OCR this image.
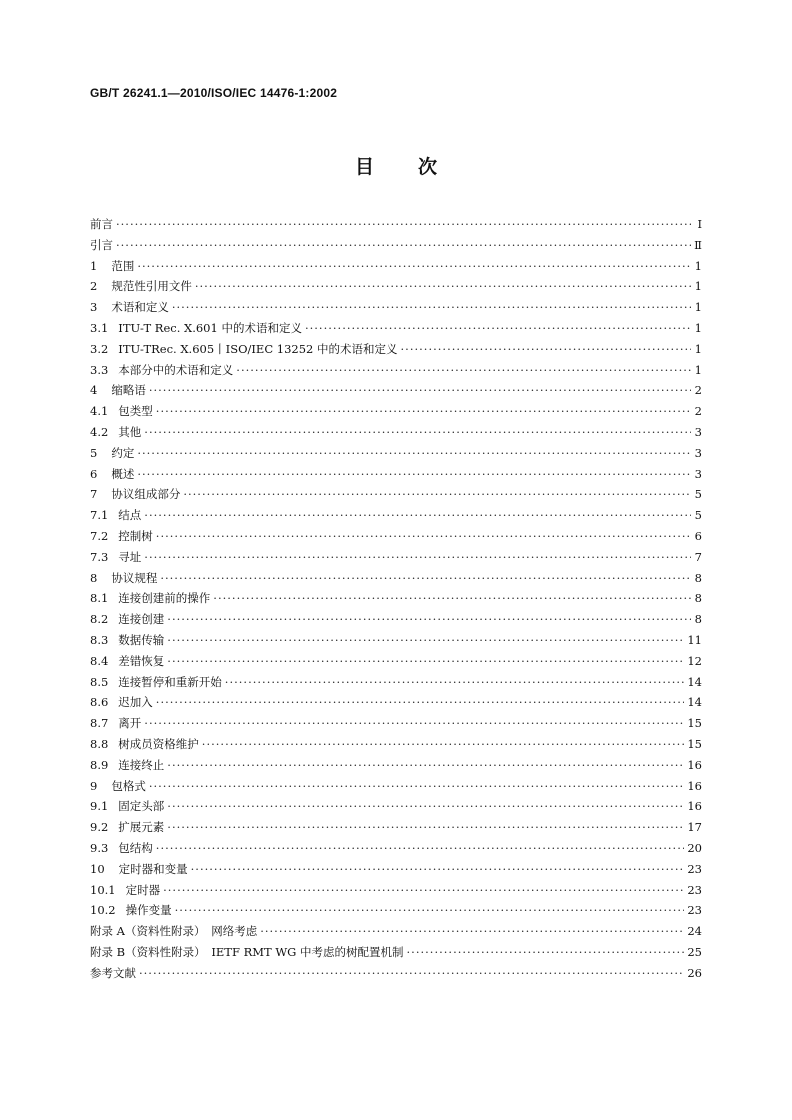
GB/T 26241.1—2010/ISO/IEC 14476-1:2002
目 次
前言 ·····	Ⅰ
引言 ·····	Ⅱ
1 范围 ·····	1
2 规范性引用文件 ·····	1
3 术语和定义 ·····	1
3.1 ITU-T Rec. X.601 中的术语和定义 ·····	1
3.2 ITU-TRec. X.605丨ISO/IEC 13252 中的术语和定义 ·····	1
3.3 本部分中的术语和定义 ·····	1
4 缩略语 ·····	2
4.1 包类型 ·····	2
4.2 其他 ·····	3
5 约定 ·····	3
6 概述 ·····	3
7 协议组成部分 ·····	5
7.1 结点 ·····	5
7.2 控制树 ·····	6
7.3 寻址 ·····	7
8 协议规程 ·····	8
8.1 连接创建前的操作 ·····	8
8.2 连接创建 ·····	8
8.3 数据传输 ·····	11
8.4 差错恢复 ·····	12
8.5 连接暂停和重新开始 ·····	14
8.6 迟加入 ·····	14
8.7 离开 ·····	15
8.8 树成员资格维护 ·····	15
8.9 连接终止 ·····	16
9 包格式 ·····	16
9.1 固定头部 ·····	16
9.2 扩展元素 ·····	17
9.3 包结构 ·····	20
10 定时器和变量 ·····	23
10.1 定时器 ·····	23
10.2 操作变量 ·····	23
附录 A（资料性附录）　网络考虑 ·····	24
附录 B（资料性附录）　IETF RMT WG 中考虑的树配置机制 ·····	25
参考文献 ·····	26
